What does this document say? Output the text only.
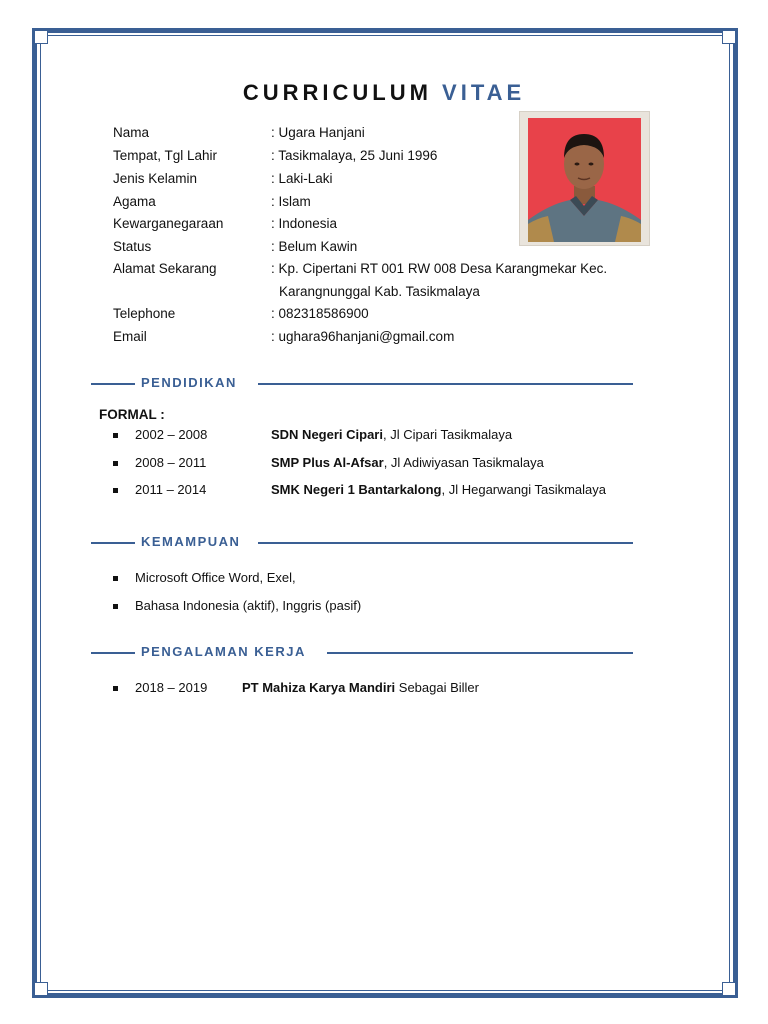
CURRICULUM VITAE
Nama	: Ugara Hanjani
Tempat, Tgl Lahir	: Tasikmalaya, 25 Juni 1996
Jenis Kelamin	: Laki-Laki
Agama	: Islam
Kewarganegaraan	: Indonesia
Status	: Belum Kawin
Alamat Sekarang	: Kp. Cipertani RT 001 RW 008 Desa Karangmekar Kec.
Karangnunggal Kab. Tasikmalaya
Telephone	: 082318586900
Email	: ughara96hanjani@gmail.com
PENDIDIKAN
FORMAL :
2002 – 2008	SDN Negeri Cipari, Jl Cipari Tasikmalaya
2008 – 2011	SMP Plus Al-Afsar, Jl Adiwiyasan Tasikmalaya
2011 – 2014	SMK Negeri 1 Bantarkalong, Jl Hegarwangi Tasikmalaya
KEMAMPUAN
Microsoft Office Word, Exel,
Bahasa Indonesia (aktif), Inggris (pasif)
PENGALAMAN KERJA
2018 – 2019	PT Mahiza Karya Mandiri Sebagai Biller
